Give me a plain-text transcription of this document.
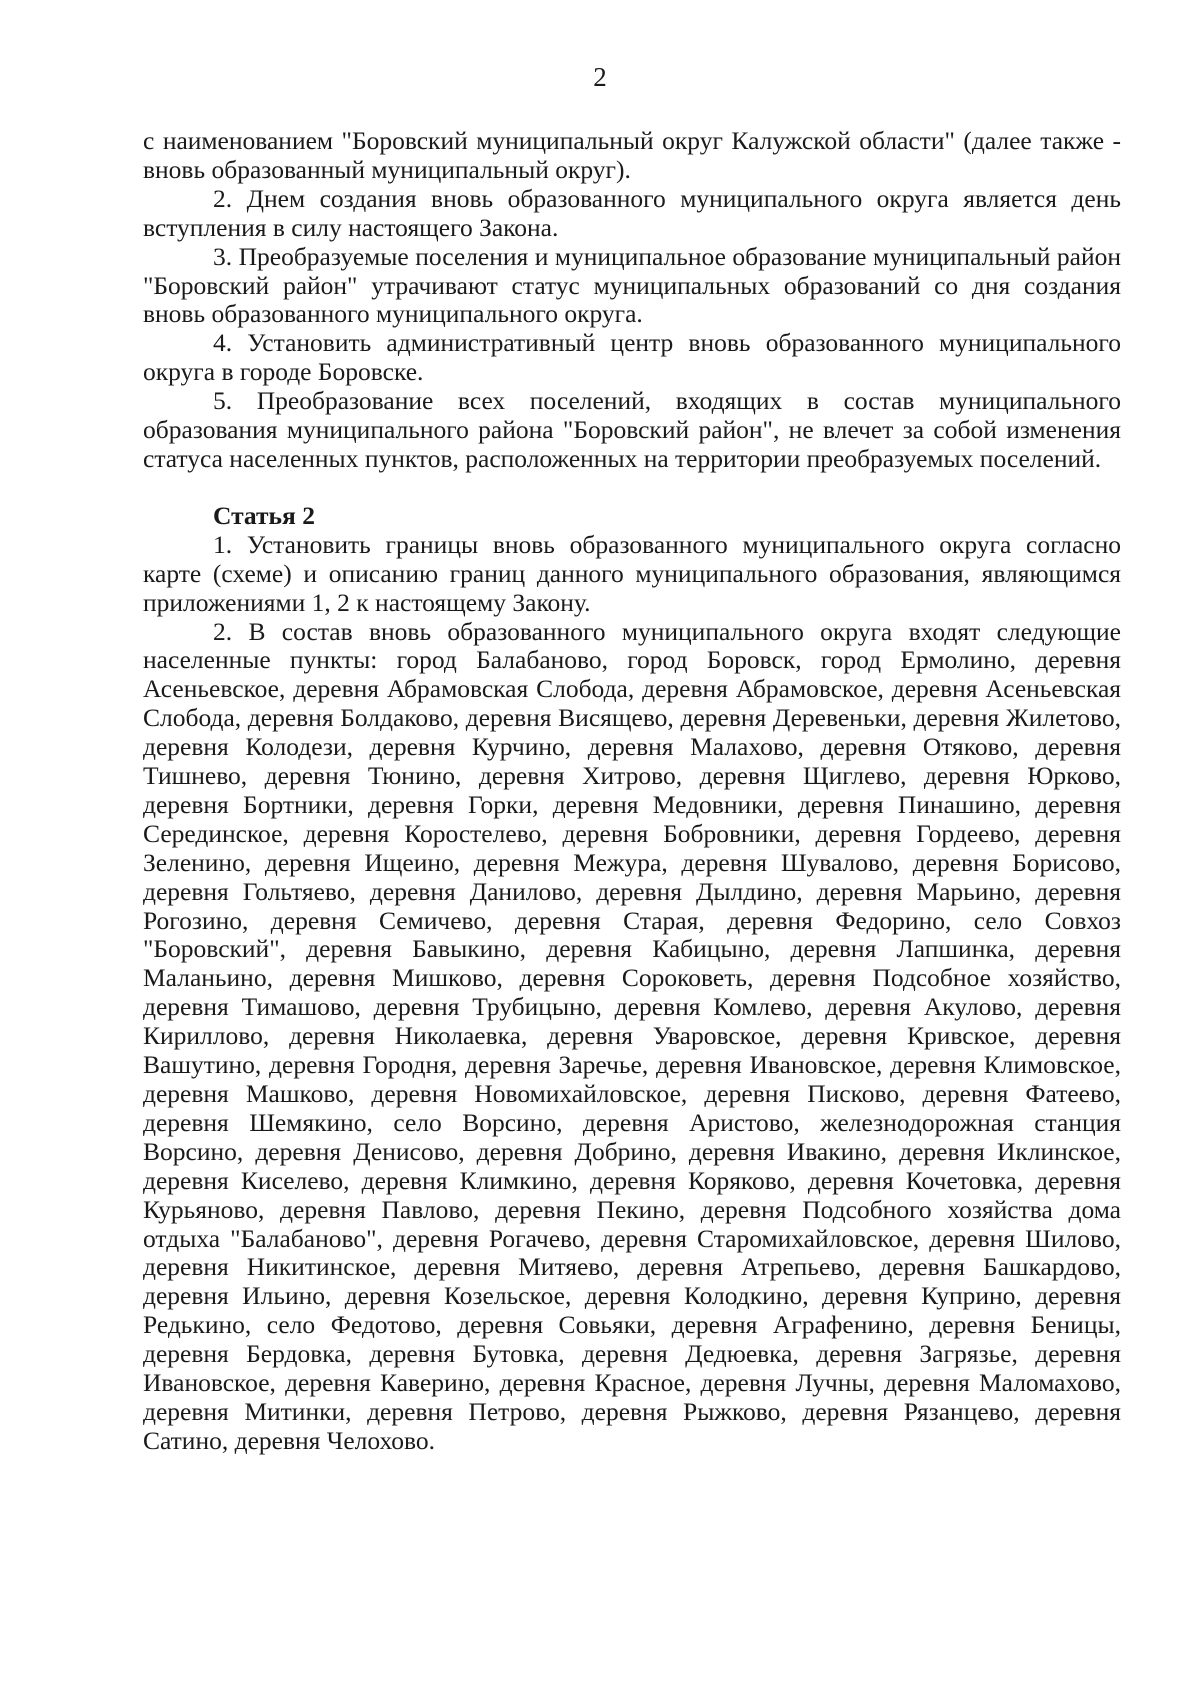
2

с наименованием "Боровский муниципальный округ Калужской области" (далее также - вновь образованный муниципальный округ).

2. Днем создания вновь образованного муниципального округа является день вступления в силу настоящего Закона.

3. Преобразуемые поселения и муниципальное образование муниципальный район "Боровский район" утрачивают статус муниципальных образований со дня создания вновь образованного муниципального округа.

4. Установить административный центр вновь образованного муниципального округа в городе Боровске.

5. Преобразование всех поселений, входящих в состав муниципального образования муниципального района "Боровский район", не влечет за собой изменения статуса населенных пунктов, расположенных на территории преобразуемых поселений.

Статья 2

1. Установить границы вновь образованного муниципального округа согласно карте (схеме) и описанию границ данного муниципального образования, являющимся приложениями 1, 2 к настоящему Закону.

2. В состав вновь образованного муниципального округа входят следующие населенные пункты: город Балабаново, город Боровск, город Ермолино, деревня Асеньевское, деревня Абрамовская Слобода, деревня Абрамовское, деревня Асеньевская Слобода, деревня Болдаково, деревня Висящево, деревня Деревеньки, деревня Жилетово, деревня Колодези, деревня Курчино, деревня Малахово, деревня Отяково, деревня Тишнево, деревня Тюнино, деревня Хитрово, деревня Щиглево, деревня Юрково, деревня Бортники, деревня Горки, деревня Медовники, деревня Пинашино, деревня Серединское, деревня Коростелево, деревня Бобровники, деревня Гордеево, деревня Зеленино, деревня Ищеино, деревня Межура, деревня Шувалово, деревня Борисово, деревня Гольтяево, деревня Данилово, деревня Дылдино, деревня Марьино, деревня Рогозино, деревня Семичево, деревня Старая, деревня Федорино, село Совхоз "Боровский", деревня Бавыкино, деревня Кабицыно, деревня Лапшинка, деревня Маланьино, деревня Мишково, деревня Сороковеть, деревня Подсобное хозяйство, деревня Тимашово, деревня Трубицыно, деревня Комлево, деревня Акулово, деревня Кириллово, деревня Николаевка, деревня Уваровское, деревня Кривское, деревня Вашутино, деревня Городня, деревня Заречье, деревня Ивановское, деревня Климовское, деревня Машково, деревня Новомихайловское, деревня Писково, деревня Фатеево, деревня Шемякино, село Ворсино, деревня Аристово, железнодорожная станция Ворсино, деревня Денисово, деревня Добрино, деревня Ивакино, деревня Иклинское, деревня Киселево, деревня Климкино, деревня Коряково, деревня Кочетовка, деревня Курьяново, деревня Павлово, деревня Пекино, деревня Подсобного хозяйства дома отдыха "Балабаново", деревня Рогачево, деревня Старомихайловское, деревня Шилово, деревня Никитинское, деревня Митяево, деревня Атрепьево, деревня Башкардово, деревня Ильино, деревня Козельское, деревня Колодкино, деревня Куприно, деревня Редькино, село Федотово, деревня Совьяки, деревня Аграфенино, деревня Беницы, деревня Бердовка, деревня Бутовка, деревня Дедюевка, деревня Загрязье, деревня Ивановское, деревня Каверино, деревня Красное, деревня Лучны, деревня Маломахово, деревня Митинки, деревня Петрово, деревня Рыжково, деревня Рязанцево, деревня Сатино, деревня Челохово.
